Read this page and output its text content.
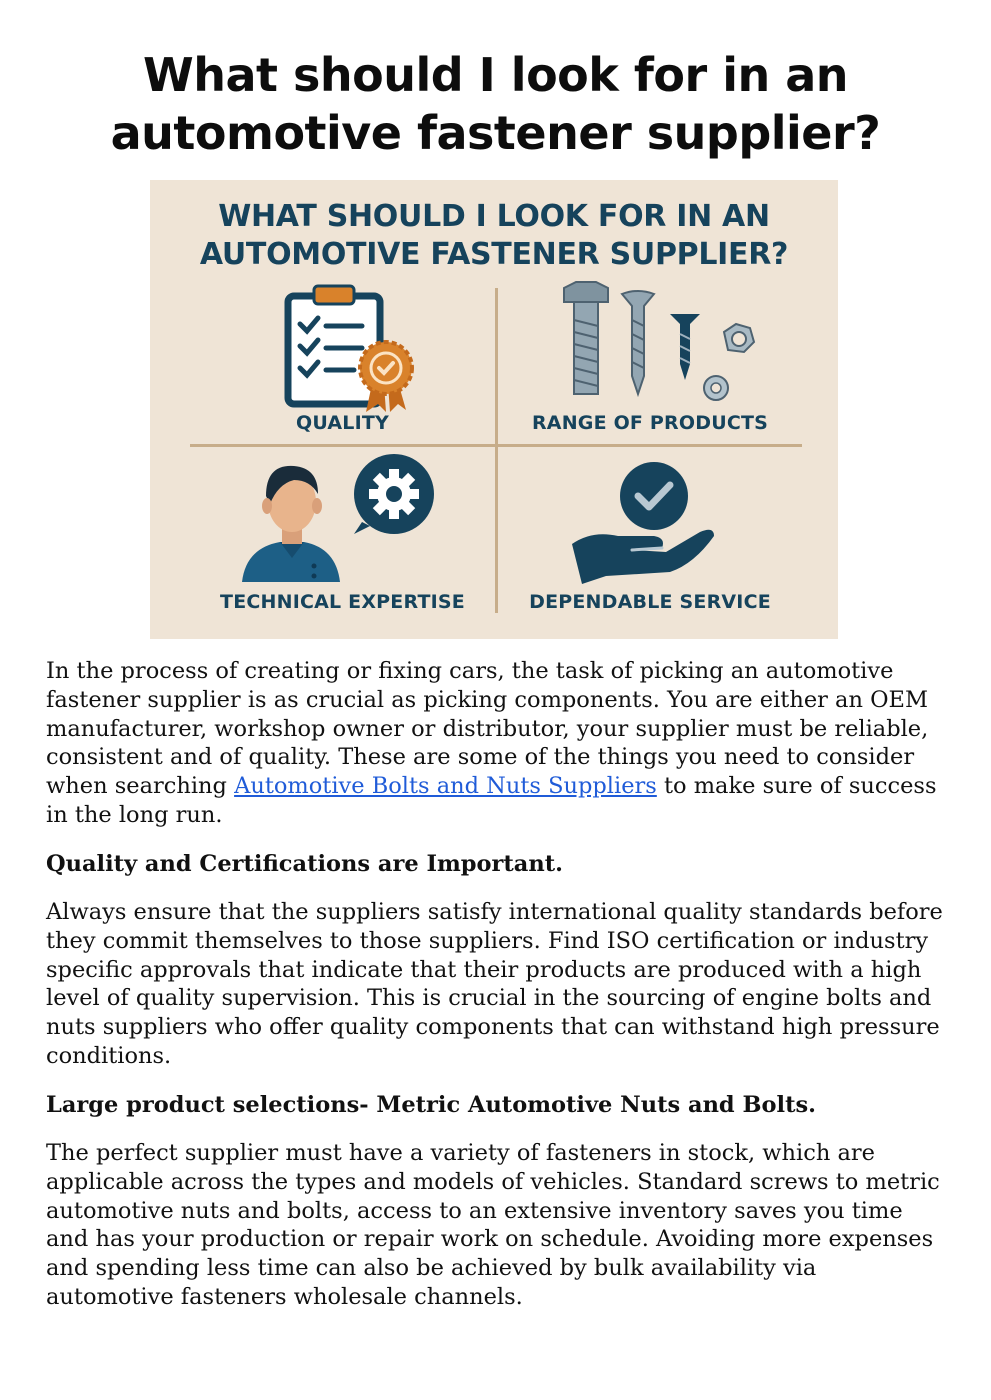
What should I look for in an automotive fastener supplier?
WHAT SHOULD I LOOK FOR IN AN
AUTOMOTIVE FASTENER SUPPLIER?
QUALITY	RANGE OF PRODUCTS
TECHNICAL EXPERTISE	DEPENDABLE SERVICE

In the process of creating or fixing cars, the task of picking an automotive fastener supplier is as crucial as picking components. You are either an OEM manufacturer, workshop owner or distributor, your supplier must be reliable, consistent and of quality. These are some of the things you need to consider when searching Automotive Bolts and Nuts Suppliers to make sure of success in the long run.

Quality and Certifications are Important.

Always ensure that the suppliers satisfy international quality standards before they commit themselves to those suppliers. Find ISO certification or industry specific approvals that indicate that their products are produced with a high level of quality supervision. This is crucial in the sourcing of engine bolts and nuts suppliers who offer quality components that can withstand high pressure conditions.

Large product selections- Metric Automotive Nuts and Bolts.

The perfect supplier must have a variety of fasteners in stock, which are applicable across the types and models of vehicles. Standard screws to metric automotive nuts and bolts, access to an extensive inventory saves you time and has your production or repair work on schedule. Avoiding more expenses and spending less time can also be achieved by bulk availability via automotive fasteners wholesale channels.
